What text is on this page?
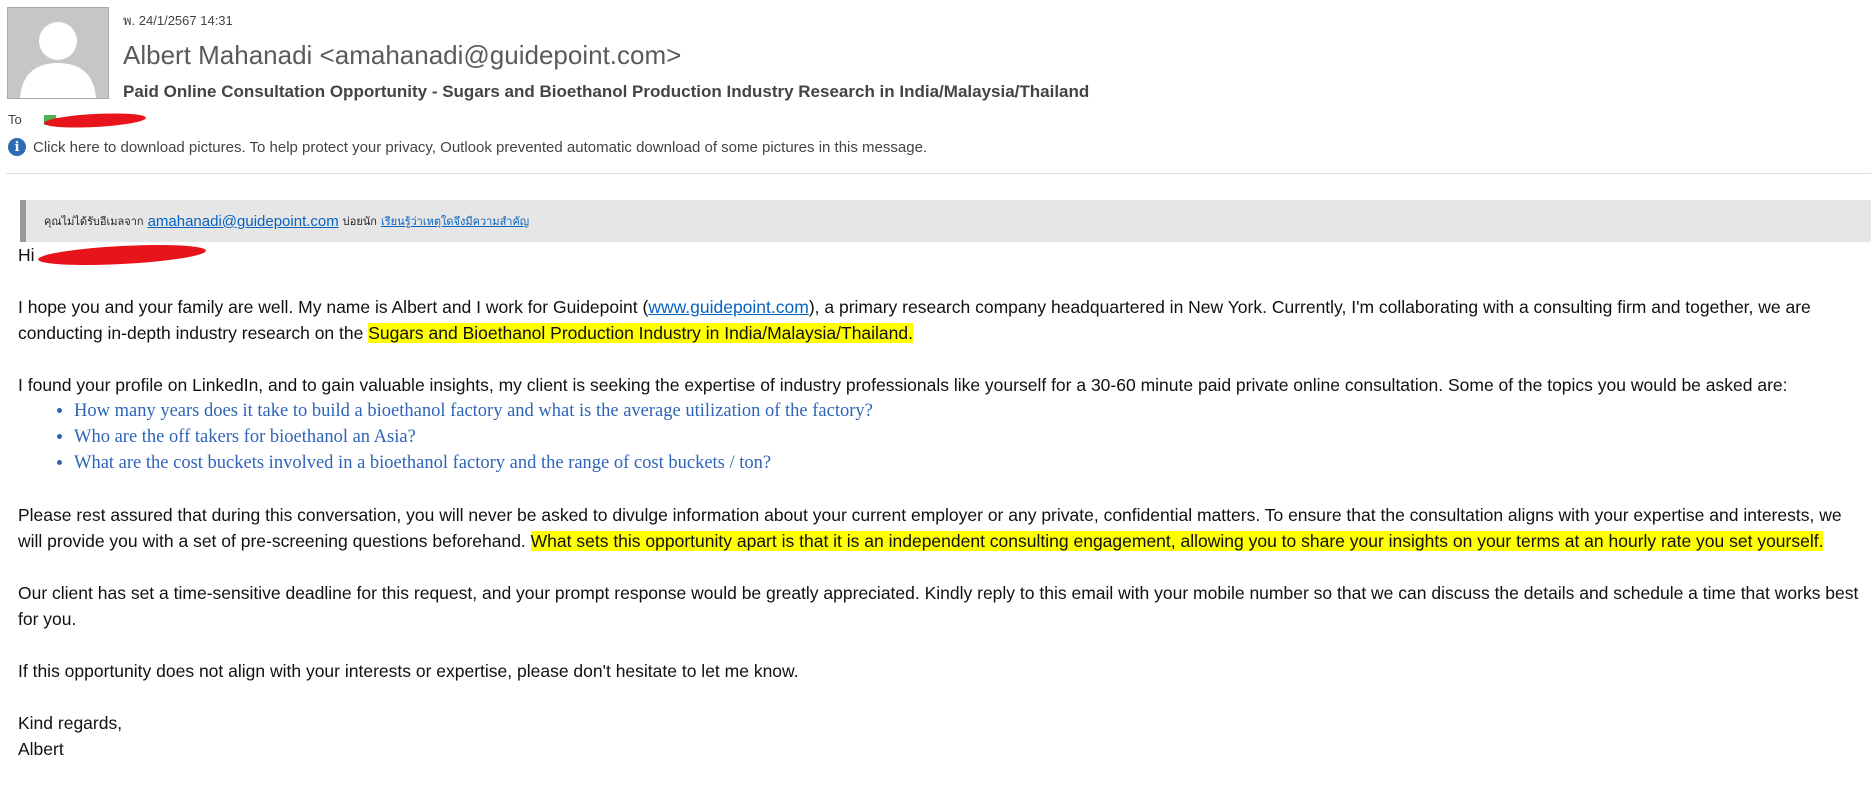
พ. 24/1/2567 14:31
Albert Mahanadi <amahanadi@guidepoint.com>
Paid Online Consultation Opportunity - Sugars and Bioethanol Production Industry Research in India/Malaysia/Thailand
To
i Click here to download pictures. To help protect your privacy, Outlook prevented automatic download of some pictures in this message.
คุณไม่ได้รับอีเมลจาก amahanadi@guidepoint.com บ่อยนัก เรียนรู้ว่าเหตุใดจึงมีความสำคัญ
Hi

I hope you and your family are well. My name is Albert and I work for Guidepoint (www.guidepoint.com), a primary research company headquartered in New York. Currently, I'm collaborating with a consulting firm and together, we are conducting in-depth industry research on the Sugars and Bioethanol Production Industry in India/Malaysia/Thailand.

I found your profile on LinkedIn, and to gain valuable insights, my client is seeking the expertise of industry professionals like yourself for a 30-60 minute paid private online consultation. Some of the topics you would be asked are:

• How many years does it take to build a bioethanol factory and what is the average utilization of the factory?
• Who are the off takers for bioethanol an Asia?
• What are the cost buckets involved in a bioethanol factory and the range of cost buckets / ton?

Please rest assured that during this conversation, you will never be asked to divulge information about your current employer or any private, confidential matters. To ensure that the consultation aligns with your expertise and interests, we will provide you with a set of pre-screening questions beforehand. What sets this opportunity apart is that it is an independent consulting engagement, allowing you to share your insights on your terms at an hourly rate you set yourself.

Our client has set a time-sensitive deadline for this request, and your prompt response would be greatly appreciated. Kindly reply to this email with your mobile number so that we can discuss the details and schedule a time that works best for you.

If this opportunity does not align with your interests or expertise, please don't hesitate to let me know.

Kind regards,
Albert
